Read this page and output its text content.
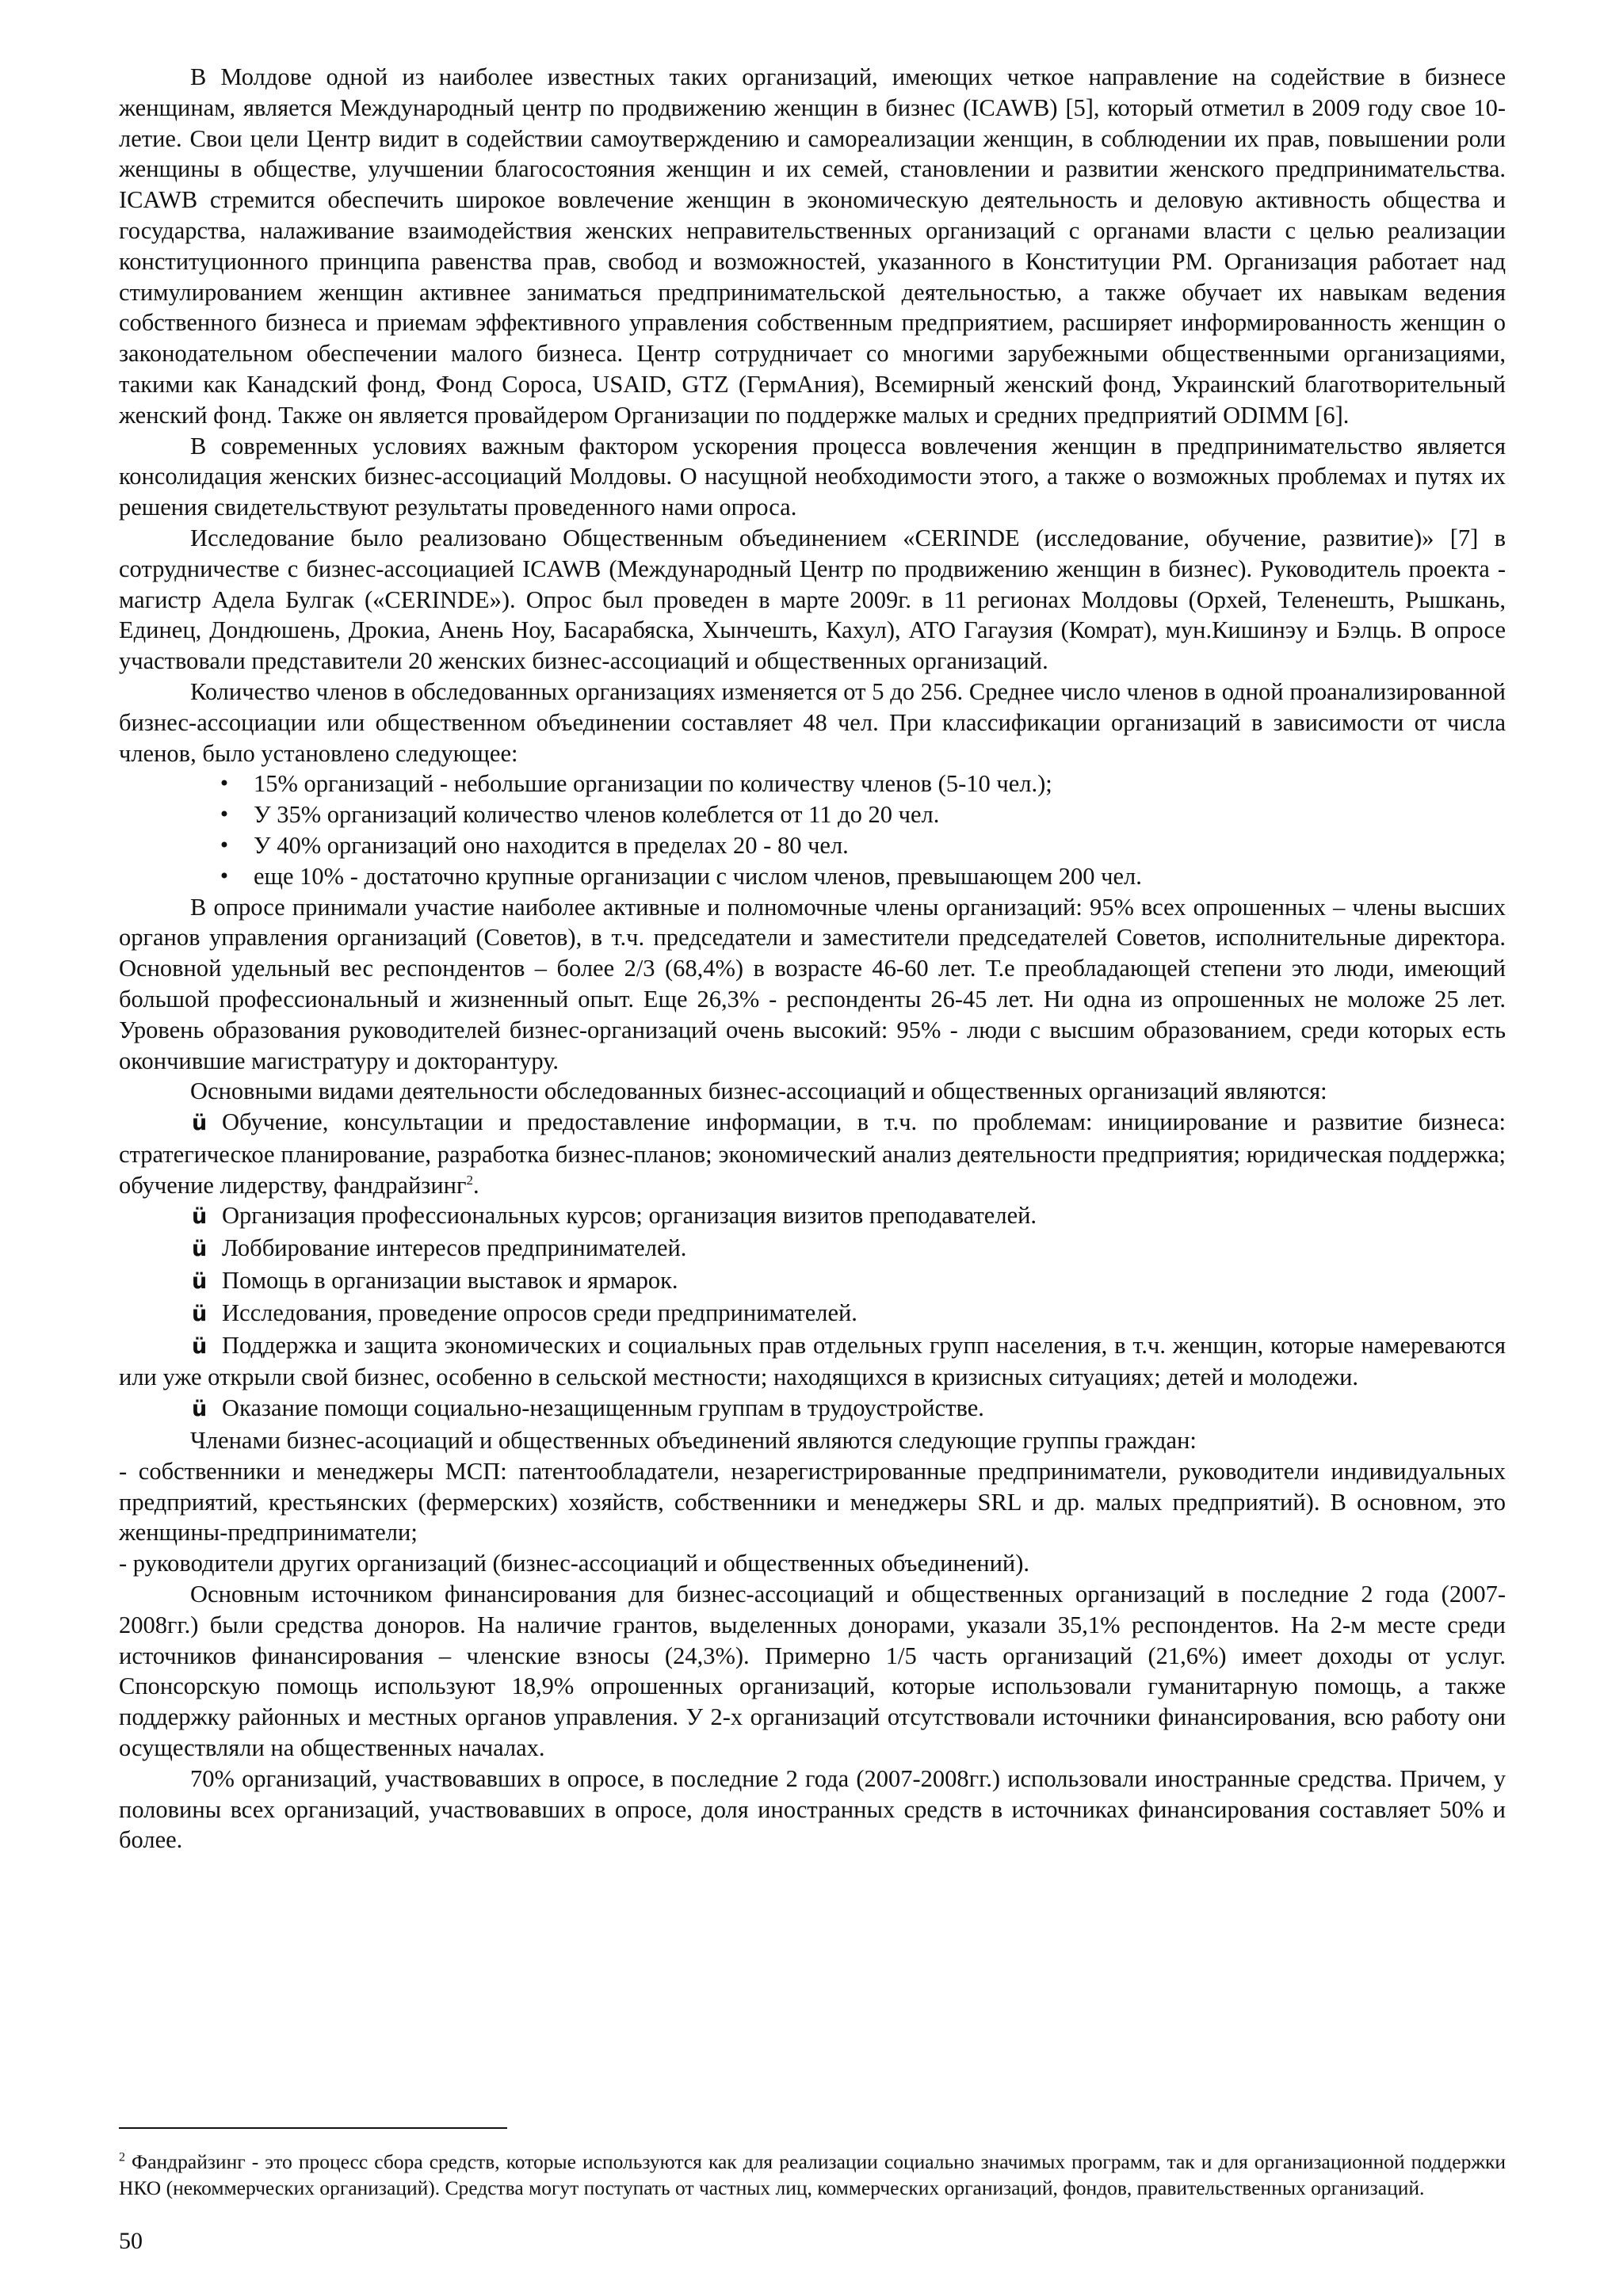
В Молдове одной из наиболее известных таких организаций, имеющих четкое направление на содействие в бизнесе женщинам, является Международный центр по продвижению женщин в бизнес (ICAWB) [5], который отметил в 2009 году свое 10-летие. Свои цели Центр видит в содействии самоутверждению и самореализации женщин, в соблюдении их прав, повышении роли женщины в обществе, улучшении благосостояния женщин и их семей, становлении и развитии женского предпринимательства. ICAWB стремится обеспечить широкое вовлечение женщин в экономическую деятельность и деловую активность общества и государства, налаживание взаимодействия женских неправительственных организаций с органами власти с целью реализации конституционного принципа равенства прав, свобод и возможностей, указанного в Конституции РМ. Организация работает над стимулированием женщин активнее заниматься предпринимательской деятельностью, а также обучает их навыкам ведения собственного бизнеса и приемам эффективного управления собственным предприятием, расширяет информированность женщин о законодательном обеспечении малого бизнеса. Центр сотрудничает со многими зарубежными общественными организациями, такими как Канадский фонд, Фонд Сороса, USAID, GTZ (ГермАния), Всемирный женский фонд, Украинский благотворительный женский фонд. Также он является провайдером Организации по поддержке малых и средних предприятий ODIMM [6].

В современных условиях важным фактором ускорения процесса вовлечения женщин в предпринимательство является консолидация женских бизнес-ассоциаций Молдовы. О насущной необходимости этого, а также о возможных проблемах и путях их решения свидетельствуют результаты проведенного нами опроса.

Исследование было реализовано Общественным объединением «CERINDE (исследование, обучение, развитие)» [7] в сотрудничестве с бизнес-ассоциацией ICAWB (Международный Центр по продвижению женщин в бизнес). Руководитель проекта - магистр Адела Булгак («CERINDE»). Опрос был проведен в марте 2009г. в 11 регионах Молдовы (Орхей, Теленешть, Рышкань, Единец, Дондюшень, Дрокиа, Анень Ноу, Басарабяска, Хынчешть, Кахул), АТО Гагаузия (Комрат), мун.Кишинэу и Бэлць. В опросе участвовали представители 20 женских бизнес-ассоциаций и общественных организаций.

Количество членов в обследованных организациях изменяется от 5 до 256. Среднее число членов в одной проанализированной бизнес-ассоциации или общественном объединении составляет 48 чел. При классификации организаций в зависимости от числа членов, было установлено следующее:

• 15% организаций - небольшие организации по количеству членов (5-10 чел.);
• У 35% организаций количество членов колеблется от 11 до 20 чел.
• У 40% организаций оно находится в пределах 20 - 80 чел.
• еще 10% - достаточно крупные организации с числом членов, превышающем 200 чел.

В опросе принимали участие наиболее активные и полномочные члены организаций: 95% всех опрошенных – члены высших органов управления организаций (Советов), в т.ч. председатели и заместители председателей Советов, исполнительные директора. Основной удельный вес респондентов – более 2/3 (68,4%) в возрасте 46-60 лет. Т.е преобладающей степени это люди, имеющий большой профессиональный и жизненный опыт. Еще 26,3% - респонденты 26-45 лет. Ни одна из опрошенных не моложе 25 лет. Уровень образования руководителей бизнес-организаций очень высокий: 95% - люди с высшим образованием, среди которых есть окончившие магистратуру и докторантуру.

Основными видами деятельности обследованных бизнес-ассоциаций и общественных организаций являются:

ü Обучение, консультации и предоставление информации, в т.ч. по проблемам: инициирование и развитие бизнеса: стратегическое планирование, разработка бизнес-планов; экономический анализ деятельности предприятия; юридическая поддержка; обучение лидерству, фандрайзинг$^2$.

ü Организация профессиональных курсов; организация визитов преподавателей.

ü Лоббирование интересов предпринимателей.

ü Помощь в организации выставок и ярмарок.

ü Исследования, проведение опросов среди предпринимателей.

ü Поддержка и защита экономических и социальных прав отдельных групп населения, в т.ч. женщин, которые намереваются или уже открыли свой бизнес, особенно в сельской местности; находящихся в кризисных ситуациях; детей и молодежи.

ü Оказание помощи социально-незащищенным группам в трудоустройстве.

Членами бизнес-асоциаций и общественных объединений являются следующие группы граждан:

- собственники и менеджеры МСП: патентообладатели, незарегистрированные предприниматели, руководители индивидуальных предприятий, крестьянских (фермерских) хозяйств, собственники и менеджеры SRL и др. малых предприятий). В основном, это женщины-предприниматели;

- руководители других организаций (бизнес-ассоциаций и общественных объединений).

Основным источником финансирования для бизнес-ассоциаций и общественных организаций в последние 2 года (2007-2008гг.) были средства доноров. На наличие грантов, выделенных донорами, указали 35,1% респондентов. На 2-м месте среди источников финансирования – членские взносы (24,3%). Примерно 1/5 часть организаций (21,6%) имеет доходы от услуг. Спонсорскую помощь используют 18,9% опрошенных организаций, которые использовали гуманитарную помощь, а также поддержку районных и местных органов управления. У 2-х организаций отсутствовали источники финансирования, всю работу они осуществляли на общественных началах.

70% организаций, участвовавших в опросе, в последние 2 года (2007-2008гг.) использовали иностранные средства. Причем, у половины всех организаций, участвовавших в опросе, доля иностранных средств в источниках финансирования составляет 50% и более.

$^2$ Фандрайзинг - это процесс сбора средств, которые используются как для реализации социально значимых программ, так и для организационной поддержки НКО (некоммерческих организаций). Средства могут поступать от частных лиц, коммерческих организаций, фондов, правительственных организаций.
50
